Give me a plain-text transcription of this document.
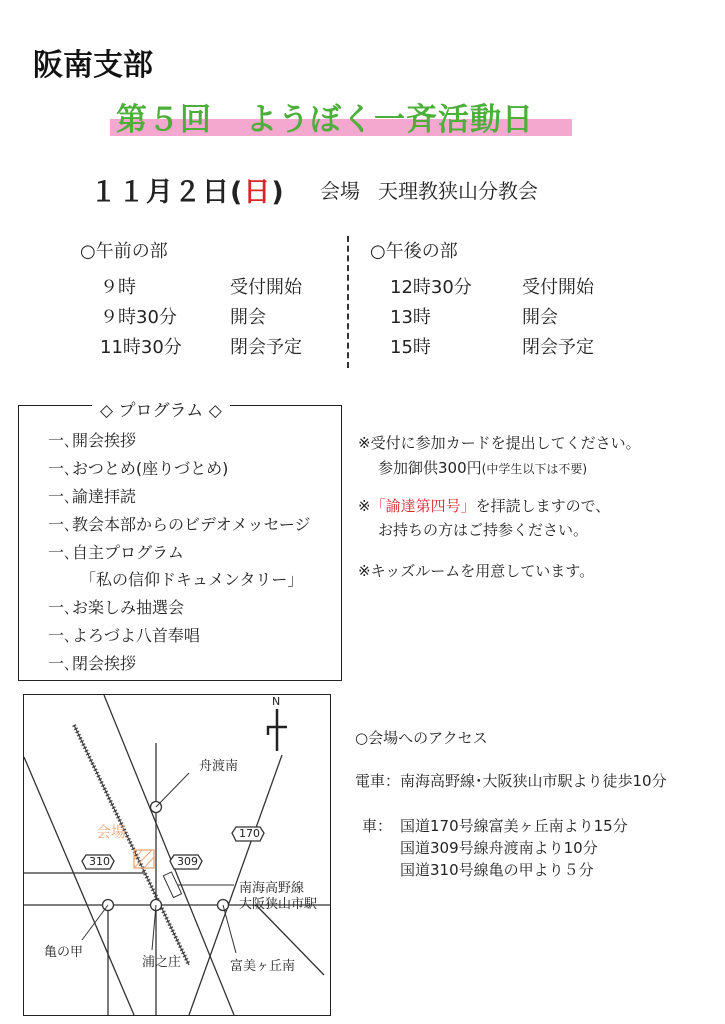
阪南支部
第５回 ようぼく一斉活動日
１１月２日(日) 会場 天理教狭山分教会
○午前の部
９時	受付開始
９時30分	開会
11時30分	閉会予定
○午後の部
12時30分	受付開始
13時	開会
15時	閉会予定
◇ プログラム ◇
一､開会挨拶
一､おつとめ(座りづとめ)
一､諭達拝読
一､教会本部からのビデオメッセージ
一､自主プログラム
「私の信仰ドキュメンタリー」
一､お楽しみ抽選会
一､よろづよ八首奉唱
一､閉会挨拶
※受付に参加カードを提出してください。
参加御供300円(中学生以下は不要)
※「諭達第四号」を拝読しますので、
お持ちの方はご持参ください。
※キッズルームを用意しています。
N
舟渡南
会場	170
309
310
南海高野線
大阪狭山市駅
亀の甲
浦之庄	富美ヶ丘南
○会場へのアクセス
電車：南海高野線･大阪狭山市駅より徒歩10分
車： 国道170号線富美ヶ丘南より15分
国道309号線舟渡南より10分
国道310号線亀の甲より５分
